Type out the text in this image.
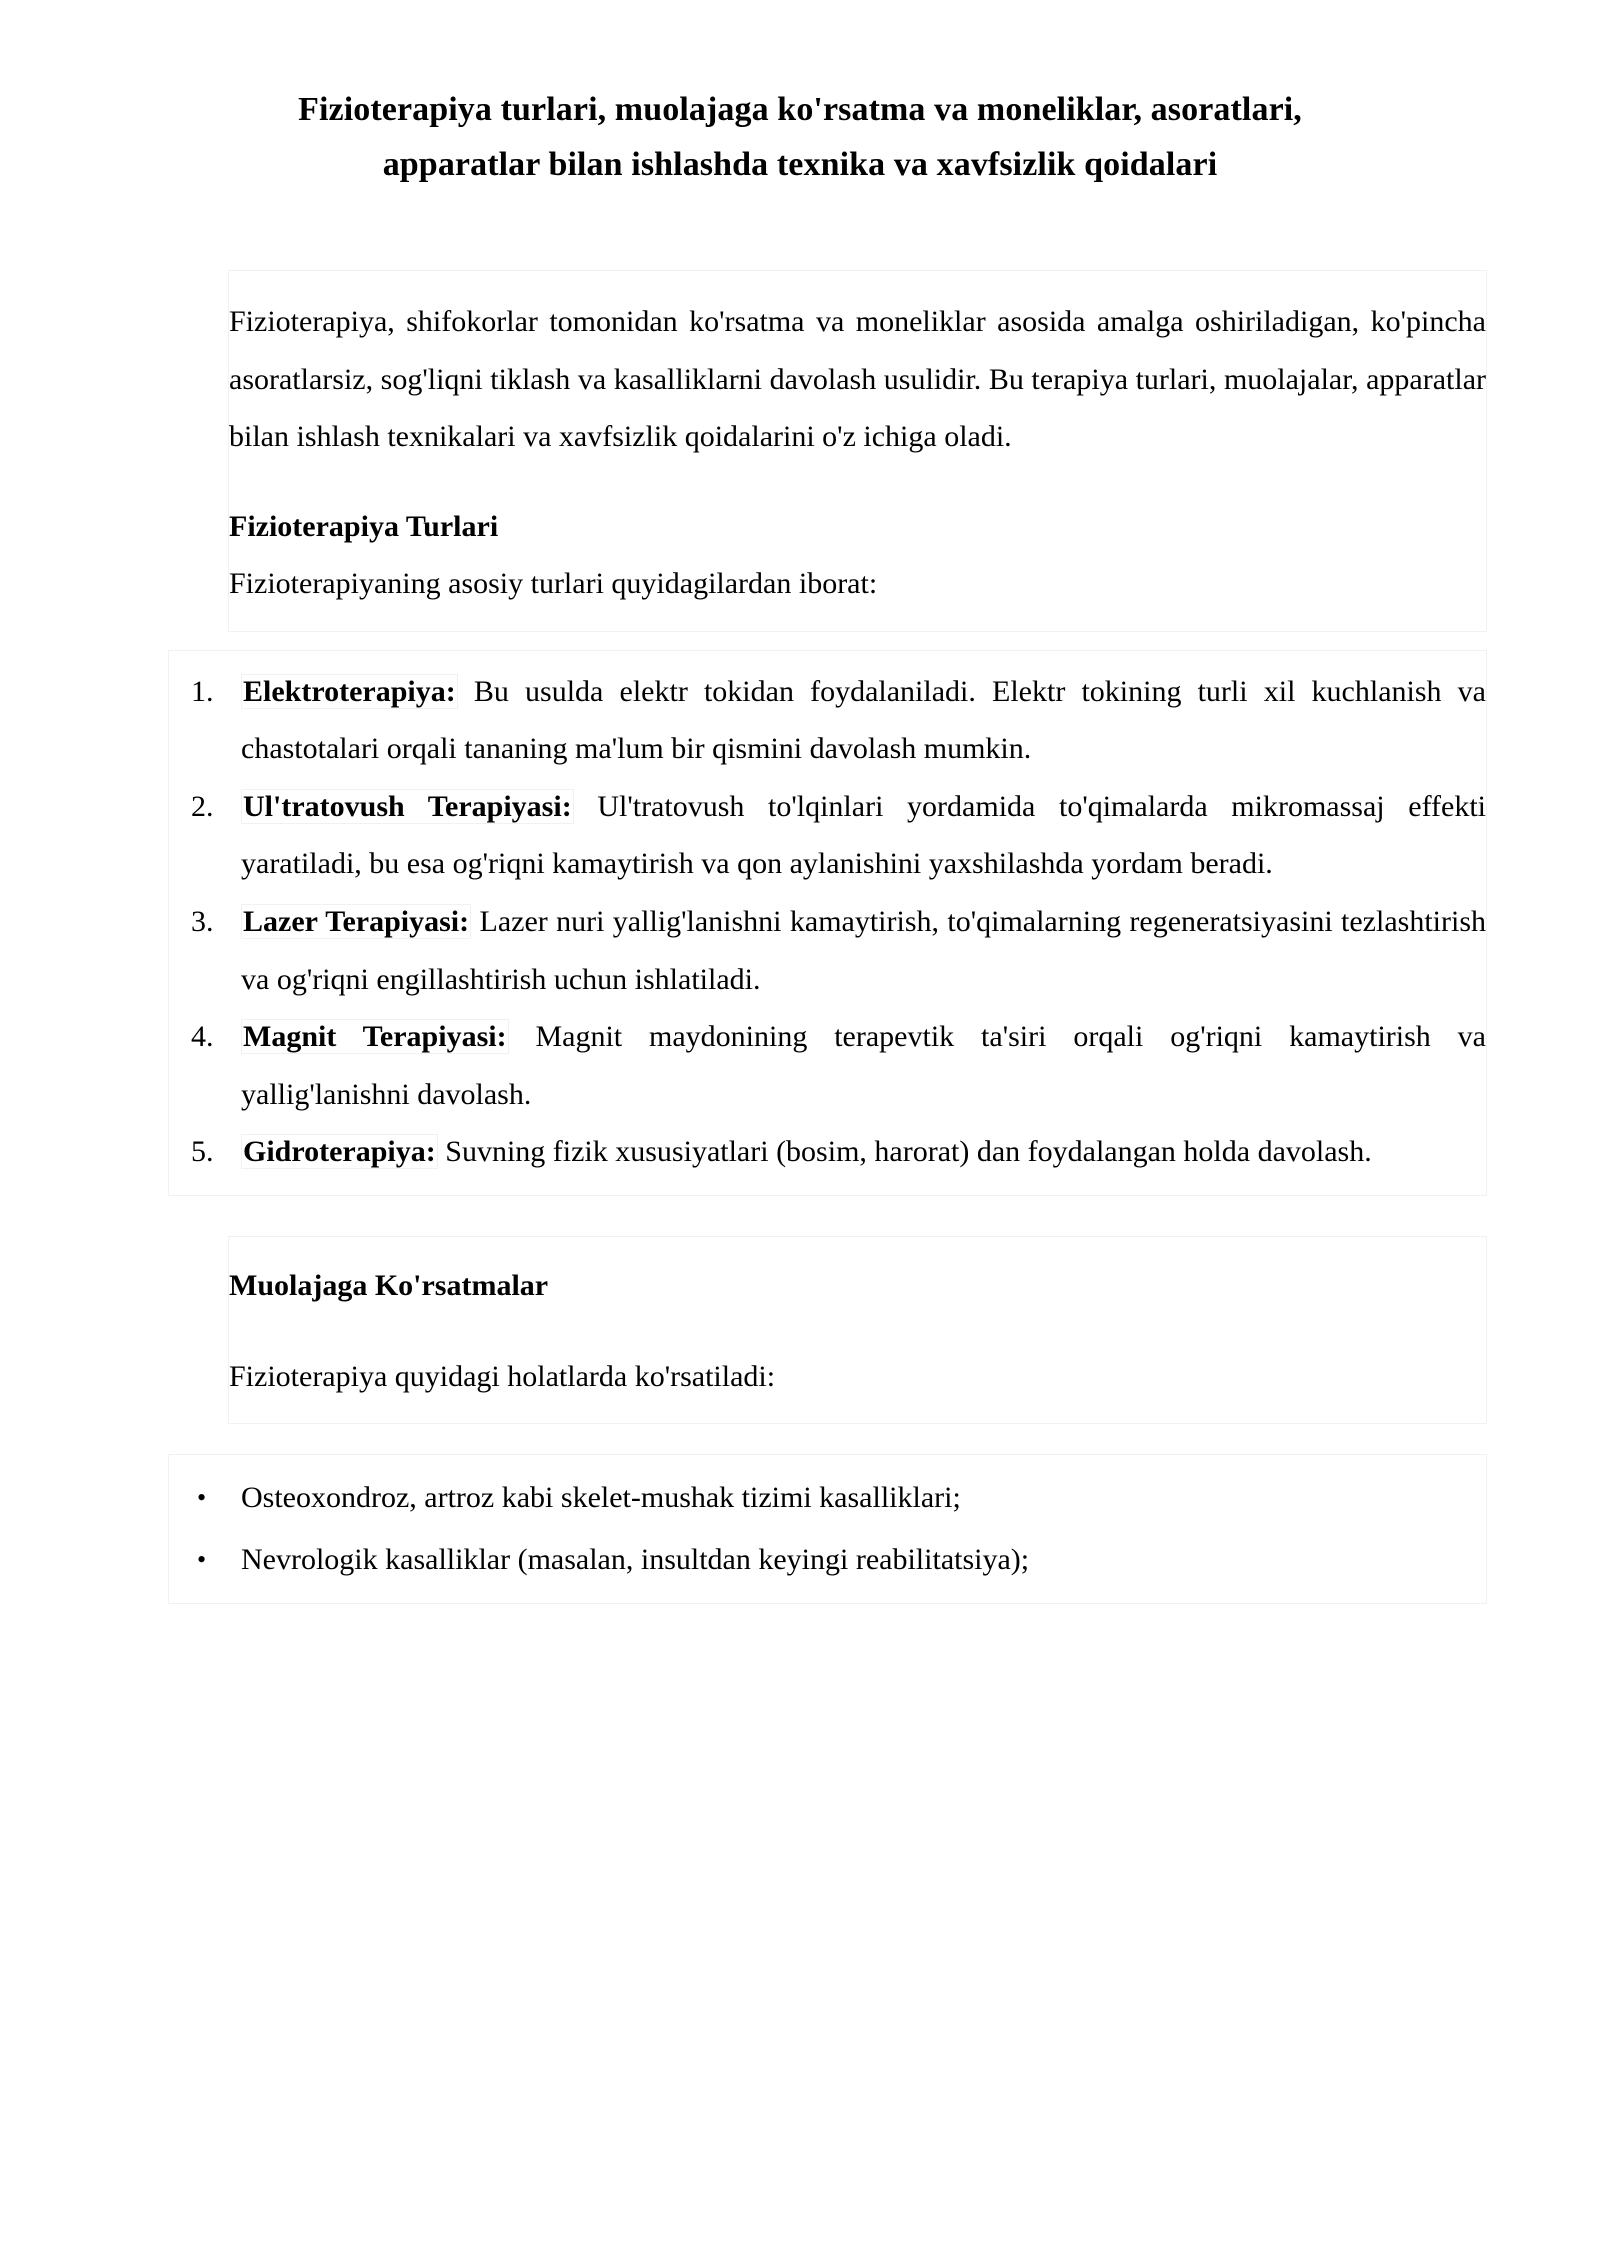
Fizioterapiya turlari, muolajaga ko'rsatma va moneliklar, asoratlari,
apparatlar bilan ishlashda texnika va xavfsizlik qoidalari

Fizioterapiya, shifokorlar tomonidan ko'rsatma va moneliklar asosida amalga oshiriladigan, ko'pincha asoratlarsiz, sog'liqni tiklash va kasalliklarni davolash usulidir. Bu terapiya turlari, muolajalar, apparatlar bilan ishlash texnikalari va xavfsizlik qoidalarini o'z ichiga oladi.

Fizioterapiya Turlari

Fizioterapiyaning asosiy turlari quyidagilardan iborat:

Elektroterapiya: Bu usulda elektr tokidan foydalaniladi. Elektr tokining turli xil kuchlanish va chastotalari orqali tananing ma'lum bir qismini davolash mumkin.
Ul'tratovush Terapiyasi: Ul'tratovush to'lqinlari yordamida to'qimalarda mikromassaj effekti yaratiladi, bu esa og'riqni kamaytirish va qon aylanishini yaxshilashda yordam beradi.
Lazer Terapiyasi: Lazer nuri yallig'lanishni kamaytirish, to'qimalarning regeneratsiyasini tezlashtirish va og'riqni engillashtirish uchun ishlatiladi.
Magnit Terapiyasi: Magnit maydonining terapevtik ta'siri orqali og'riqni kamaytirish va yallig'lanishni davolash.
Gidroterapiya: Suvning fizik xususiyatlari (bosim, harorat) dan foydalangan holda davolash.
Muolajaga Ko'rsatmalar

Fizioterapiya quyidagi holatlarda ko'rsatiladi:

• Osteoxondroz, artroz kabi skelet-mushak tizimi kasalliklari;
• Nevrologik kasalliklar (masalan, insultdan keyingi reabilitatsiya);
